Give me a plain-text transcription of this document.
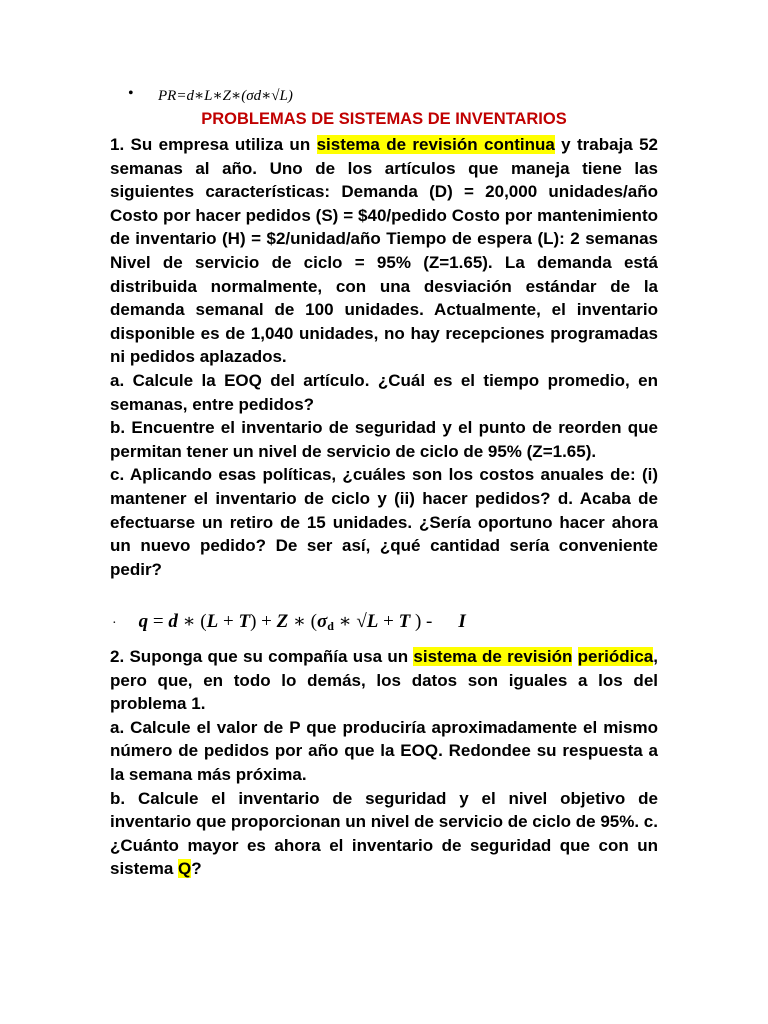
• PR=d∗L∗Z∗(σd∗√L)
PROBLEMAS DE SISTEMAS DE INVENTARIOS

1. Su empresa utiliza un sistema de revisión continua y trabaja 52 semanas al año. Uno de los artículos que maneja tiene las siguientes características: Demanda (D) = 20,000 unidades/año Costo por hacer pedidos (S) = $40/pedido Costo por mantenimiento de inventario (H) = $2/unidad/año Tiempo de espera (L): 2 semanas Nivel de servicio de ciclo = 95% (Z=1.65). La demanda está distribuida normalmente, con una desviación estándar de la demanda semanal de 100 unidades. Actualmente, el inventario disponible es de 1,040 unidades, no hay recepciones programadas ni pedidos aplazados.

a. Calcule la EOQ del artículo. ¿Cuál es el tiempo promedio, en semanas, entre pedidos?

b. Encuentre el inventario de seguridad y el punto de reorden que permitan tener un nivel de servicio de ciclo de 95% (Z=1.65).

c. Aplicando esas políticas, ¿cuáles son los costos anuales de: (i) mantener el inventario de ciclo y (ii) hacer pedidos? d. Acaba de efectuarse un retiro de 15 unidades. ¿Sería oportuno hacer ahora un nuevo pedido? De ser así, ¿qué cantidad sería conveniente pedir?

· q = d ∗ (L + T) + Z ∗ ($\sigma_d$ ∗ √L + T ) - I

2. Suponga que su compañía usa un sistema de revisión periódica, pero que, en todo lo demás, los datos son iguales a los del problema 1.

a. Calcule el valor de P que produciría aproximadamente el mismo número de pedidos por año que la EOQ. Redondee su respuesta a la semana más próxima.

b. Calcule el inventario de seguridad y el nivel objetivo de inventario que proporcionan un nivel de servicio de ciclo de 95%. c. ¿Cuánto mayor es ahora el inventario de seguridad que con un sistema Q?
